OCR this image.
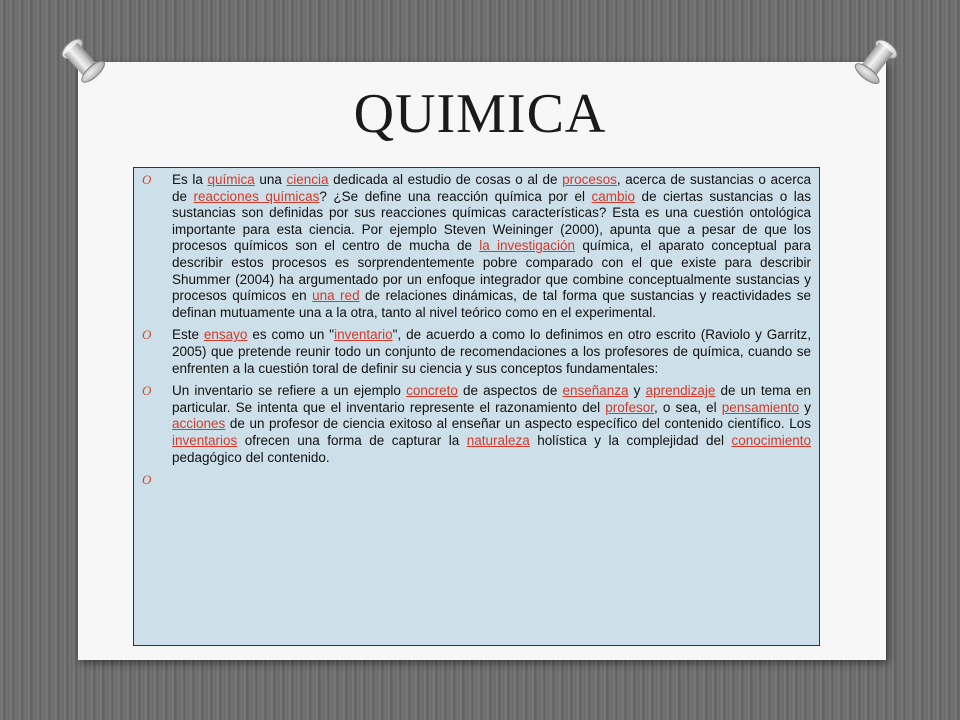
QUIMICA
O Es la química una ciencia dedicada al estudio de cosas o al de procesos, acerca de sustancias o acerca de reacciones químicas? ¿Se define una reacción química por el cambio de ciertas sustancias o las sustancias son definidas por sus reacciones químicas características? Esta es una cuestión ontológica importante para esta ciencia. Por ejemplo Steven Weininger (2000), apunta que a pesar de que los procesos químicos son el centro de mucha de la investigación química, el aparato conceptual para describir estos procesos es sorprendentemente pobre comparado con el que existe para describir Shummer (2004) ha argumentado por un enfoque integrador que combine conceptualmente sustancias y procesos químicos en una red de relaciones dinámicas, de tal forma que sustancias y reactividades se definan mutuamente una a la otra, tanto al nivel teórico como en el experimental.
O Este ensayo es como un "inventario", de acuerdo a como lo definimos en otro escrito (Raviolo y Garritz, 2005) que pretende reunir todo un conjunto de recomendaciones a los profesores de química, cuando se enfrenten a la cuestión toral de definir su ciencia y sus conceptos fundamentales:
O Un inventario se refiere a un ejemplo concreto de aspectos de enseñanza y aprendizaje de un tema en particular. Se intenta que el inventario represente el razonamiento del profesor, o sea, el pensamiento y acciones de un profesor de ciencia exitoso al enseñar un aspecto específico del contenido científico. Los inventarios ofrecen una forma de capturar la naturaleza holística y la complejidad del conocimiento pedagógico del contenido.
O
